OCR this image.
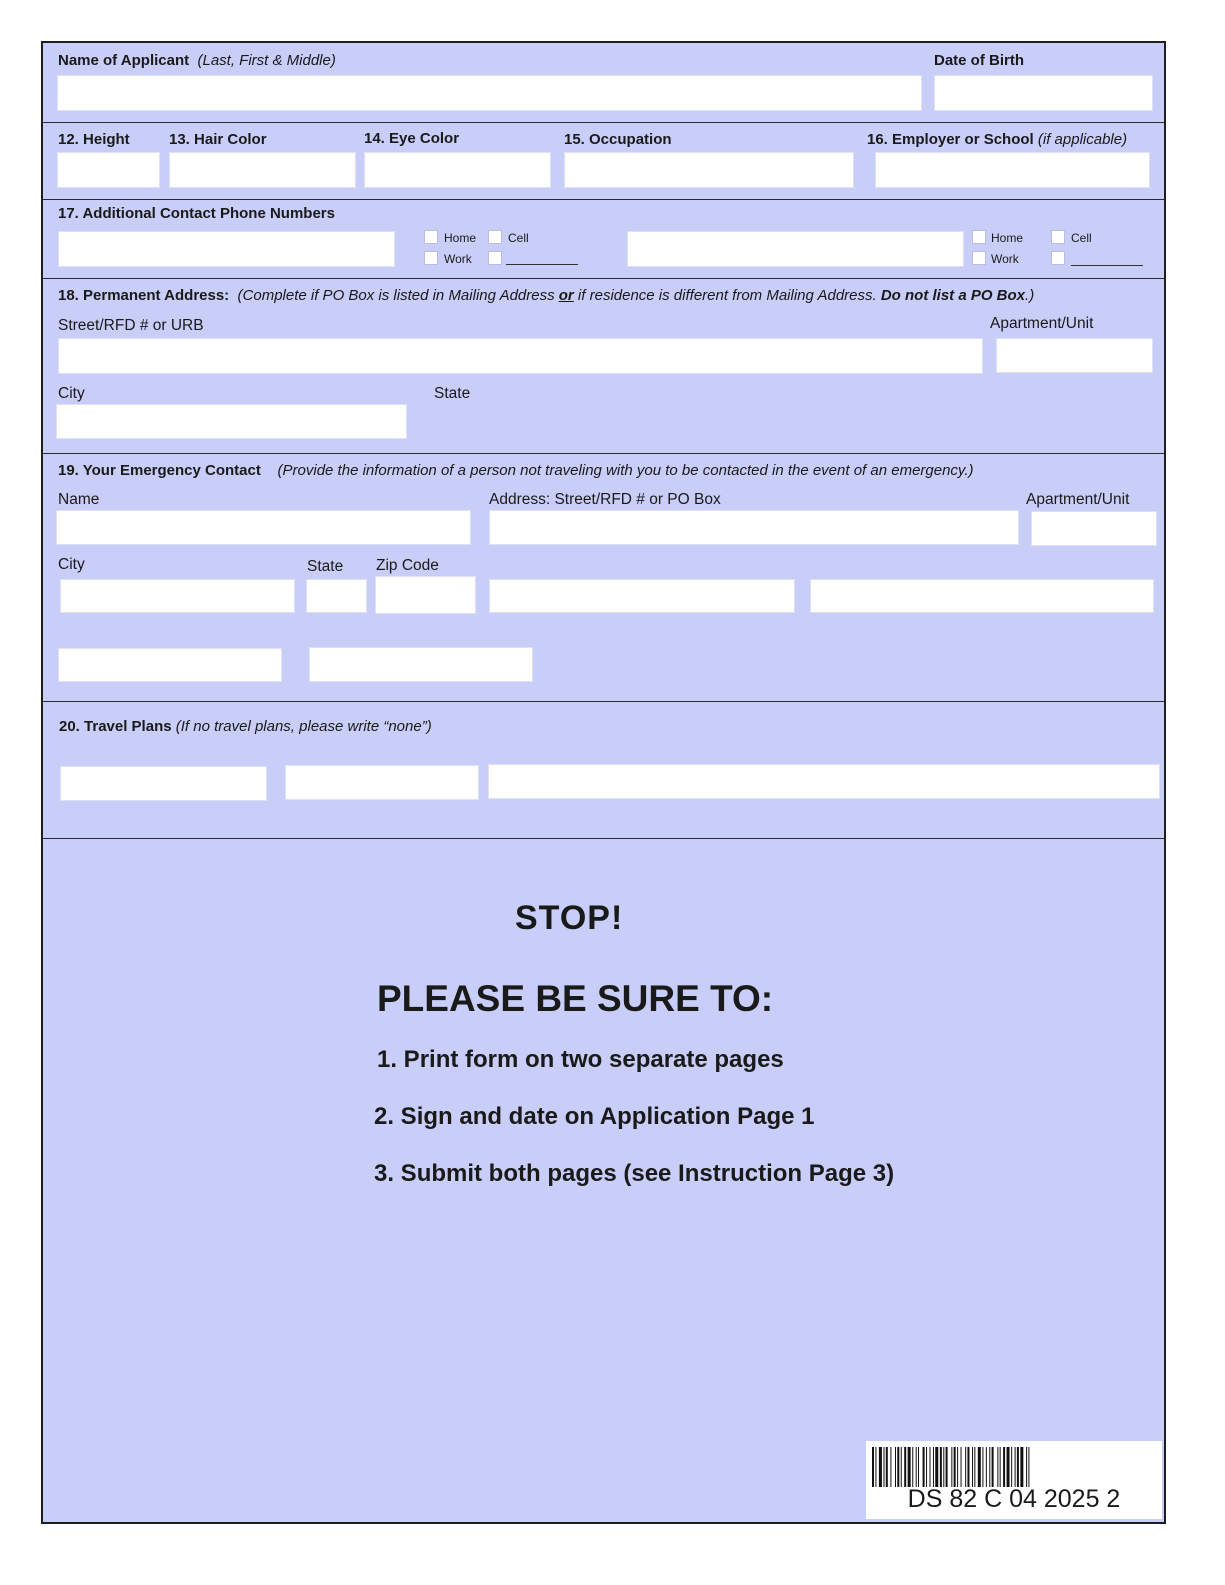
Name of Applicant (Last, First & Middle)	Date of Birth
12. Height	13. Hair Color	14. Eye Color	15. Occupation	16. Employer or School (if applicable)
17. Additional Contact Phone Numbers
Home	Cell
Work
Home	Cell
Work
18. Permanent Address: (Complete if PO Box is listed in Mailing Address or if residence is different from Mailing Address. Do not list a PO Box.)
Street/RFD # or URB	Apartment/Unit
City	State
19. Your Emergency Contact (Provide the information of a person not traveling with you to be contacted in the event of an emergency.)
Name	Address: Street/RFD # or PO Box	Apartment/Unit
City	State Zip Code
20. Travel Plans (If no travel plans, please write “none”)
STOP!
PLEASE BE SURE TO:
1. Print form on two separate pages
2. Sign and date on Application Page 1
3. Submit both pages (see Instruction Page 3)
DS 82 C 04 2025 2
